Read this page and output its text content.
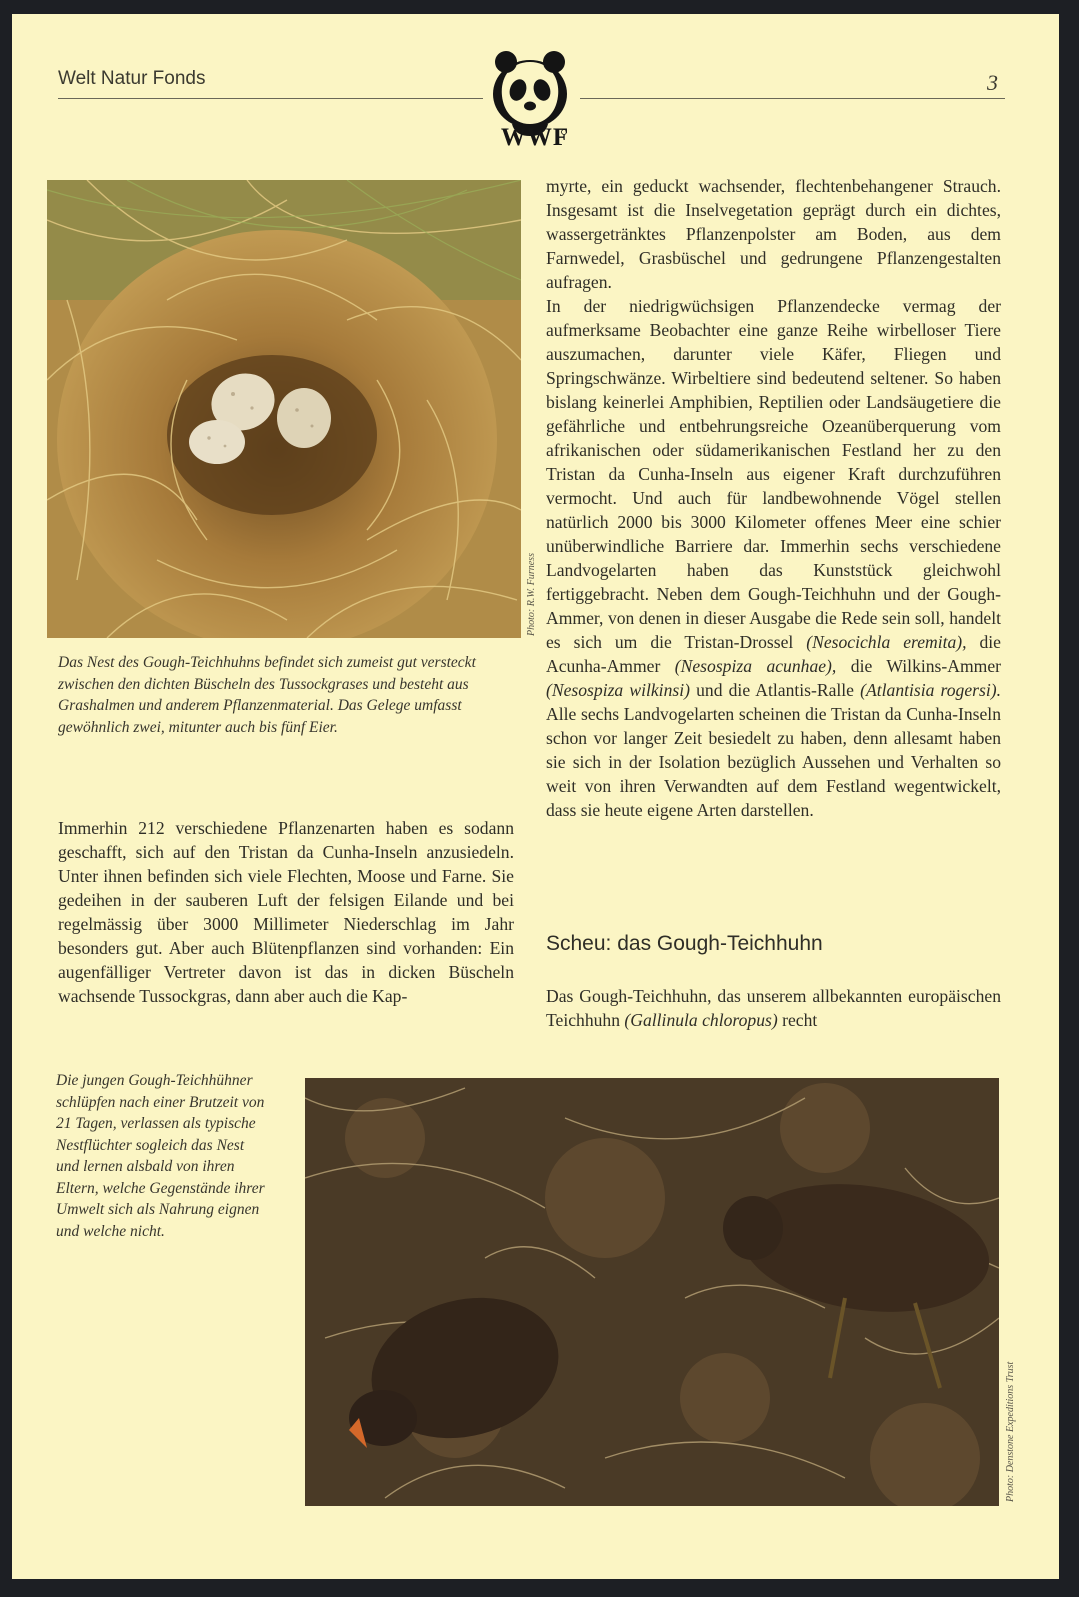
Welt Natur Fonds	3
WWF
Photo: R.W. Furness
Das Nest des Gough-Teichhuhns befindet sich zumeist gut versteckt zwischen den dichten Büscheln des Tussockgrases und besteht aus Grashalmen und anderem Pflanzenmaterial. Das Gelege umfasst gewöhnlich zwei, mitunter auch bis fünf Eier.

Immerhin 212 verschiedene Pflanzenarten haben es sodann geschafft, sich auf den Tristan da Cunha-Inseln anzusiedeln. Unter ihnen befinden sich viele Flechten, Moose und Farne. Sie gedeihen in der sauberen Luft der felsigen Eilande und bei regelmässig über 3000 Millimeter Niederschlag im Jahr besonders gut. Aber auch Blütenpflanzen sind vorhanden: Ein augenfälliger Vertreter davon ist das in dicken Büscheln wachsende Tussockgras, dann aber auch die Kap-

myrte, ein geduckt wachsender, flechtenbehangener Strauch. Insgesamt ist die Inselvegetation geprägt durch ein dichtes, wassergetränktes Pflanzenpolster am Boden, aus dem Farnwedel, Grasbüschel und gedrungene Pflanzengestalten aufragen.

In der niedrigwüchsigen Pflanzendecke vermag der aufmerksame Beobachter eine ganze Reihe wirbelloser Tiere auszumachen, darunter viele Käfer, Fliegen und Springschwänze. Wirbeltiere sind bedeutend seltener. So haben bislang keinerlei Amphibien, Reptilien oder Landsäugetiere die gefährliche und entbehrungsreiche Ozeanüberquerung vom afrikanischen oder südamerikanischen Festland her zu den Tristan da Cunha-Inseln aus eigener Kraft durchzuführen vermocht. Und auch für landbewohnende Vögel stellen natürlich 2000 bis 3000 Kilometer offenes Meer eine schier unüberwindliche Barriere dar. Immerhin sechs verschiedene Landvogelarten haben das Kunststück gleichwohl fertiggebracht. Neben dem Gough-Teichhuhn und der Gough-Ammer, von denen in dieser Ausgabe die Rede sein soll, handelt es sich um die Tristan-Drossel (Nesocichla eremita), die Acunha-Ammer (Nesospiza acunhae), die Wilkins-Ammer (Nesospiza wilkinsi) und die Atlantis-Ralle (Atlantisia rogersi). Alle sechs Landvogelarten scheinen die Tristan da Cunha-Inseln schon vor langer Zeit besiedelt zu haben, denn allesamt haben sie sich in der Isolation bezüglich Aussehen und Verhalten so weit von ihren Verwandten auf dem Festland wegentwickelt, dass sie heute eigene Arten darstellen.

Scheu: das Gough-Teichhuhn

Das Gough-Teichhuhn, das unserem allbekannten europäischen Teichhuhn (Gallinula chloropus) recht

Die jungen Gough-Teichhühner schlüpfen nach einer Brutzeit von 21 Tagen, verlassen als typische Nestflüchter sogleich das Nest und lernen alsbald von ihren Eltern, welche Gegenstände ihrer Umwelt sich als Nahrung eignen und welche nicht.
Photo: Denstone Expeditions Trust
